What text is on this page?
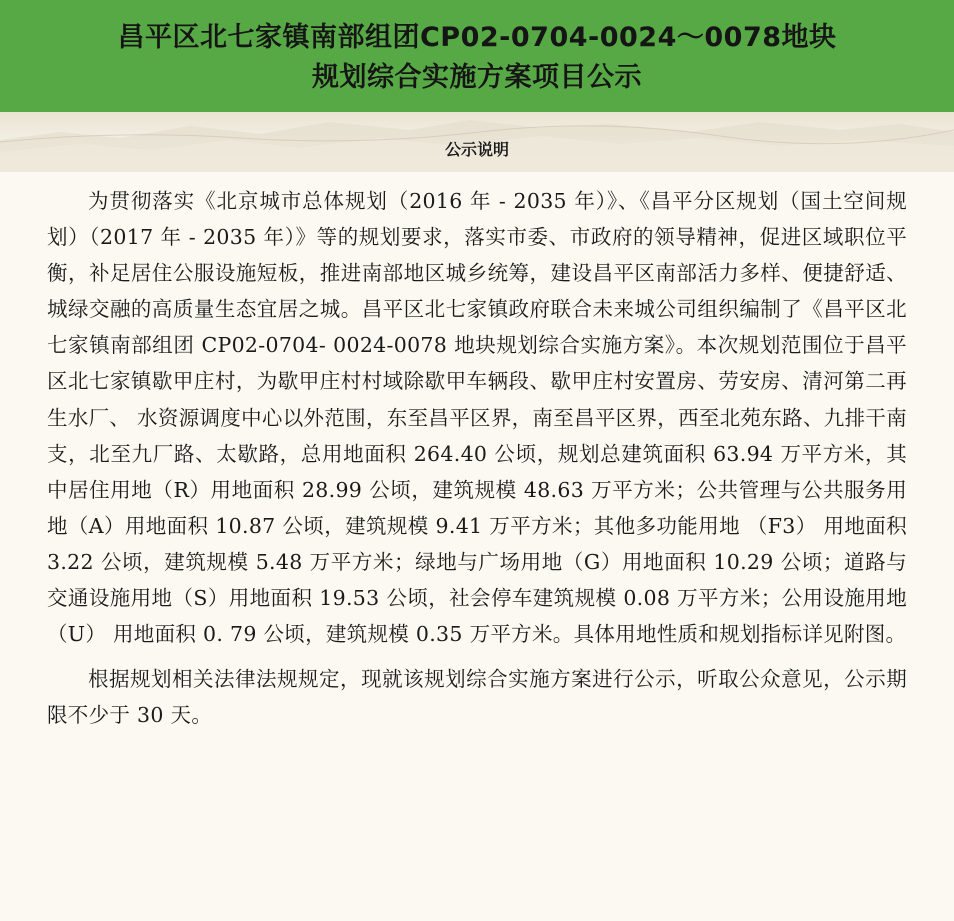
昌平区北七家镇南部组团CP02-0704-0024～0078地块
规划综合实施方案项目公示
公示说明

为贯彻落实《北京城市总体规划（2016 年 - 2035 年）》、《昌平分区规划（国土空间规划）（2017 年 - 2035 年）》等的规划要求，落实市委、市政府的领导精神，促进区域职位平衡，补足居住公服设施短板，推进南部地区城乡统筹，建设昌平区南部活力多样、便捷舒适、城绿交融的高质量生态宜居之城。昌平区北七家镇政府联合未来城公司组织编制了《昌平区北七家镇南部组团 CP02-0704- 0024-0078 地块规划综合实施方案》。本次规划范围位于昌平区北七家镇歇甲庄村，为歇甲庄村村域除歇甲车辆段、歇甲庄村安置房、劳安房、清河第二再生水厂、 水资源调度中心以外范围，东至昌平区界，南至昌平区界，西至北苑东路、九排干南支，北至九厂路、太歇路，总用地面积 264.40 公顷，规划总建筑面积 63.94 万平方米，其中居住用地（R）用地面积 28.99 公顷，建筑规模 48.63 万平方米；公共管理与公共服务用地（A）用地面积 10.87 公顷，建筑规模 9.41 万平方米；其他多功能用地 （F3） 用地面积 3.22 公顷，建筑规模 5.48 万平方米；绿地与广场用地（G）用地面积 10.29 公顷；道路与交通设施用地（S）用地面积 19.53 公顷，社会停车建筑规模 0.08 万平方米；公用设施用地（U） 用地面积 0. 79 公顷，建筑规模 0.35 万平方米。具体用地性质和规划指标详见附图。

根据规划相关法律法规规定，现就该规划综合实施方案进行公示，听取公众意见，公示期限不少于 30 天。
